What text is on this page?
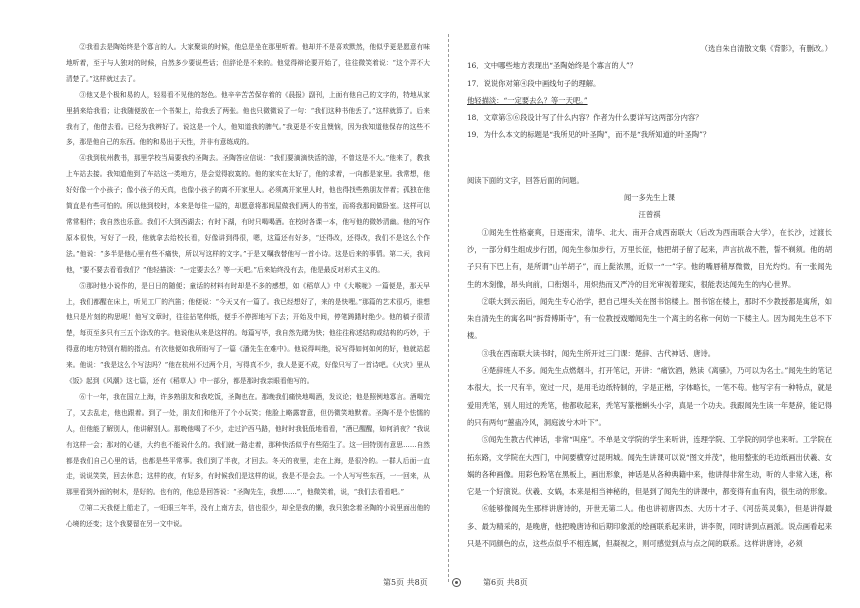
②我看去是陶始终是个寡言的人。大家聚谈的时候，他总是坐在那里听着。他却并不是喜欢默然，他似乎更是愿意有味地听着，至于与人独对的时候，自然多少要说些话；但辞论是不来的。他觉得辩论要开始了，往往微笑着说：“这个弄不大清楚了。”这样就过去了。

③他又是个极和易的人，轻易看不见他的怒色。他辛辛苦苦保存着的《晨报》副刊，上面有他自己的文字的，特地从家里捎来给我看；让我随便放在一个书架上，给我丢了两张。他也只微微说了一句：“我们这种书他丢了。”这样就算了。后来我有了，他借去看。已经为我辨好了。说这是一个人，他知道我的脾气。”我更是不安且懊恼，因为我知道他保存的这些不多，那是他自己的东西。他的和易出于天性，并非有意练成的。

④我到杭州教书，那里学校当局要我约圣陶去。圣陶答应信说：“我们要滴滴快活的游，不曾这是不大。”他来了，教我上车站去接。我知道他到了车站这一类地方，是会觉得寂寞的。他的家实在太好了，他的求着，一向都是家里。我常想，他好好像一个小孩子；像小孩子的天真，也像小孩子的离不开家里人。必须离开家里人时，他也得找些熟朋友伴着；孤独在他简直是有些可怕的。所以他到校时，本来是每住一屋的，却愿意将那间屋做我们两人的书室，而将我那间做卧室。这样可以常常相伴；我自然也乐意。我们不大到西湖去；有时下湖，有时只喝喝酒。在校时各课一本，他写他的微妙清幽。他的写作原本很快，写好了一段，他就拿去给校长看，好像讲到得很，嗯，这篇还有好多，“还得改，还得改，我们不是这么个作法。”他说：“多半是他心里有些不痛快，所以写这样的文字。”于是又嘱我替他写一首小诗。这是后来的事情。第二天，我问他，“要不要去看看我们？”他轻描淡：“一定要去么？等一天吧。”后来始终没有去，他是最反对形式主义的。

⑤那时他小说作的，是日日的随便；童话的材料有时却是不多的感想，如《稻草人》中《大喉咙》一篇便是，那天早上，我们都醒在床上，听见工厂的汽笛；他便说：“今天又有一篇了。我已经想好了，来的是快哩。”那篇的艺术很巧，谁想他只是片刻的构思呢！他写文章时，往往拈笔伸纸，便手不停挥地写下去；开始及中间，停笔踌躇时绝少。他的稿子很清楚，每页至多只有三五个涂改的字。他说他从来是这样的。每篇写毕，我自然先睹为快；他往往称述结构或结构的巧妙，于得意的地方特别有精的指点。有次他便如我所盼写了一篇《潘先生在难中》。他说得叫绝，说写得如何如何的好，他就站起来。他说：“我是这么个写法吗？”他在杭州不过两个月，写得真不少，我人是更不成，好像只写了一首诗吧。《火灾》里从《饭》起到《风潮》这七篇，还有《稻草人》中一部分，都是那时我亲眼看他写的。

⑥十一年，我在国立上海，许多熟朋友和我吃饭，圣陶也在。那晚我们痛快地喝酒，发议论；他是照例地寡言。酒喝完了，又去乱走，他也跟着。到了一处，朋友们和他开了个小玩笑；他脸上略露窘意，但仍微笑地默着。圣陶不是个怯懦的人，但他能了解别人，他讲解别人。那晚他喝了不少，走过沪西马路，他时时我低低地看看，“酒已醒醒，如何消夜？”我说有这样一会；那对的心谜，大约也不能说什么的。我们就一路走着，那种快活似乎有些陌生了。这一回特别有意思……自然都是我们自己心里的话，也都是些平常事。我们到了半夜，才回去。冬天的夜里，走在上海，是很冷的。一群人后面一直走，说说笑笑，回去休息；这样的夜，有好多，有时候我们是这样的说，我是不是会去。一个人写写些东西，一一回来，从那里看到外面的树木，是好的。也有的，他总是回答说：“圣陶先生，我想……”，他微笑着，说，“我们去看看吧。”

⑦第二天我便上船走了，一旺眼三年半，没有上南方去，信也很少，却全是我的懒，我只独念着圣陶的小说里面出他的心境的还变；这个我要留在另一文中说。

（选自朱自清散文集《背影》，有删改。）

16．文中哪些地方表现出“圣陶始终是个寡言的人”？

17．说说你对第④段中画线句子的理解。

他轻描淡：“一定要去么？等一天吧。”

18．文章第⑤⑥段设计写了什么内容？作者为什么要详写这两部分内容？

19．为什么本文的标题是“我所见的叶圣陶”，而不是“我所知道的叶圣陶”？

阅读下面的文字，回答后面的问题。

闻一多先生上课

汪曾祺

①闻先生性格豪爽，日逐南宋，清华、北大、南开合成西南联大（后改为西南联合大学），在长沙，过渡长沙，一部分师生组成步行团，闻先生参加步行，万里长征，他把胡子留了起来，声言抗战不胜，誓不剃须。他的胡子只有下巴上有，是所谓“山羊胡子”，而上髭浓黑，近似一“一”字。他的嘴唇稍厚微微，目光灼灼。有一张闻先生的木刻像，昂头向前，口衔烟斗，用炽热而又严冷的目光审视着现实，很能表达闻先生的内心世界。

②联大到云南后，闻先生专心治学，把自己埋头关在图书馆楼上。图书馆在楼上，那时不少教授都是寓所，如朱自清先生的寓名叫“拆背傅斯寺”，有一位教授戏赠闻先生一个离主的名称一何妨一下楼主人。因为闻先生总不下楼。

③我在西南联大读书时，闻先生所开过三门课：楚辞、古代神话、唐诗。

④楚辞班人不多。闻先生点燃烟斗，打开笔记，开讲：“痛饮酒，熟读《离骚》，乃可以为名士。”闻先生的笔记本很大，长一尺有半，宽过一尺，是用毛边纸特制的，字是正楷，字体略长，一笔不苟。他写字有一种特点，就是爱用秃笔，别人用过的秃笔，他都收起来，秃笔写篆楷蝌头小字，真是一个功夫。我跟闻先生读一年楚辞，能记得的只有两句“蕙蛊冷风，洞庭波兮木叶下”。

⑤闻先生教古代神话，非常“叫座”。不单是文学院的学生来听讲，连理学院、工学院的同学也来听。工学院在拓东路，文学院在大西门，中间要横穿过昆明城。闻先生讲课可以说“图文并茂”，他用整张的毛边纸画出伏羲、女娲的各种画像。用彩色粉笔在黑板上，画出形象，神话是从各种典籍中来，他讲得非常生动，听的人非常入迷，称它是一个好演说。伏羲、女娲，本来是相当神秘的，但是到了闻先生的讲课中，都变得有血有肉，很生动的形象。

⑥能够像闻先生那样讲唐诗的，开世无第二人。他也讲初唐四杰、大历十才子、《河岳英灵集》，但是讲得最多、最为精采的，是晚唐，他把晚唐诗和后期印象派的绘画联系起来讲，讲李贺，同时讲到点画派。说点画看起来只是不同颜色的点，这些点似乎不相连属，但凝视之，则可感觉到点与点之间的联系。这样讲唐诗，必须

第5页 共8页	第6页 共8页
